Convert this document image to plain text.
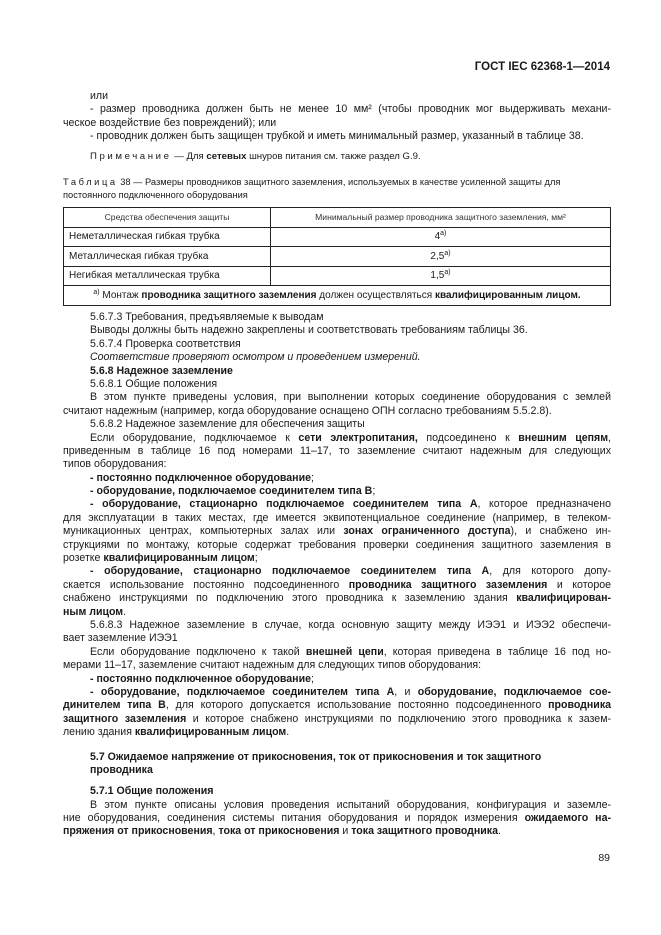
ГОСТ IEC 62368-1—2014
или
- размер проводника должен быть не менее 10 мм² (чтобы проводник мог выдерживать механи-
ческое воздействие без повреждений); или
- проводник должен быть защищен трубкой и иметь минимальный размер, указанный в таблице 38.
Примечание — Для сетевых шнуров питания см. также раздел G.9.
Таблица 38 — Размеры проводников защитного заземления, используемых в качестве усиленной защиты для
постоянного подключенного оборудования
Средства обеспечения защиты	Минимальный размер проводника защитного заземления, мм²
Неметаллическая гибкая трубка	$4^{а)}$
Металлическая гибкая трубка	$2,5^{а)}$
Негибкая металлическая трубка	$1,5^{а)}$
$^{а)}$ Монтаж проводника защитного заземления должен осуществляться квалифицированным лицом.	
5.6.7.3 Требования, предъявляемые к выводам
Выводы должны быть надежно закреплены и соответствовать требованиям таблицы 36.
5.6.7.4 Проверка соответствия
Соответствие проверяют осмотром и проведением измерений.
5.6.8 Надежное заземление
5.6.8.1 Общие положения
В этом пункте приведены условия, при выполнении которых соединение оборудования с землей
считают надежным (например, когда оборудование оснащено ОПН согласно требованиям 5.5.2.8).
5.6.8.2 Надежное заземление для обеспечения защиты
Если оборудование, подключаемое к сети электропитания, подсоединено к внешним цепям,
приведенным в таблице 16 под номерами 11–17, то заземление считают надежным для следующих
типов оборудования:
- постоянно подключенное оборудование;
- оборудование, подключаемое соединителем типа В;
- оборудование, стационарно подключаемое соединителем типа А, которое предназначено
для эксплуатации в таких местах, где имеется эквипотенциальное соединение (например, в телеком-
муникационных центрах, компьютерных залах или зонах ограниченного доступа), и снабжено ин-
струкциями по монтажу, которые содержат требования проверки соединения защитного заземления в
розетке квалифицированным лицом;
- оборудование, стационарно подключаемое соединителем типа А, для которого допу-
скается использование постоянно подсоединенного проводника защитного заземления и которое
снабжено инструкциями по подключению этого проводника к заземлению здания квалифицирован-
ным лицом.
5.6.8.3 Надежное заземление в случае, когда основную защиту между ИЭЭ1 и ИЭЭ2 обеспечи-
вает заземление ИЭЭ1
Если оборудование подключено к такой внешней цепи, которая приведена в таблице 16 под но-
мерами 11–17, заземление считают надежным для следующих типов оборудования:
- постоянно подключенное оборудование;
- оборудование, подключаемое соединителем типа А, и оборудование, подключаемое сое-
динителем типа В, для которого допускается использование постоянно подсоединенного проводника
защитного заземления и которое снабжено инструкциями по подключению этого проводника к зазем-
лению здания квалифицированным лицом.
5.7 Ожидаемое напряжение от прикосновения, ток от прикосновения и ток защитного
проводника
5.7.1 Общие положения
В этом пункте описаны условия проведения испытаний оборудования, конфигурация и заземле-
ние оборудования, соединения системы питания оборудования и порядок измерения ожидаемого на-
пряжения от прикосновения, тока от прикосновения и тока защитного проводника.
89
